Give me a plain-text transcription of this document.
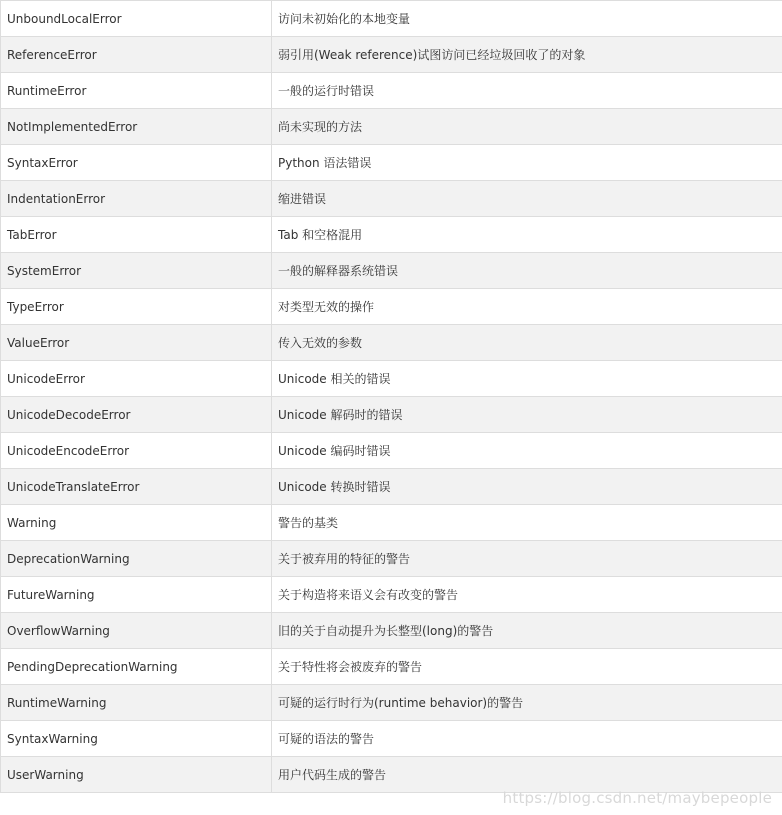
UnboundLocalError	访问未初始化的本地变量
ReferenceError	弱引用(Weak reference)试图访问已经垃圾回收了的对象
RuntimeError	一般的运行时错误
NotImplementedError	尚未实现的方法
SyntaxError	Python 语法错误
IndentationError	缩进错误
TabError	Tab 和空格混用
SystemError	一般的解释器系统错误
TypeError	对类型无效的操作
ValueError	传入无效的参数
UnicodeError	Unicode 相关的错误
UnicodeDecodeError	Unicode 解码时的错误
UnicodeEncodeError	Unicode 编码时错误
UnicodeTranslateError	Unicode 转换时错误
Warning	警告的基类
DeprecationWarning	关于被弃用的特征的警告
FutureWarning	关于构造将来语义会有改变的警告
OverflowWarning	旧的关于自动提升为长整型(long)的警告
PendingDeprecationWarning	关于特性将会被废弃的警告
RuntimeWarning	可疑的运行时行为(runtime behavior)的警告
SyntaxWarning	可疑的语法的警告
UserWarning	用户代码生成的警告
https://blog.csdn.net/maybepeople
